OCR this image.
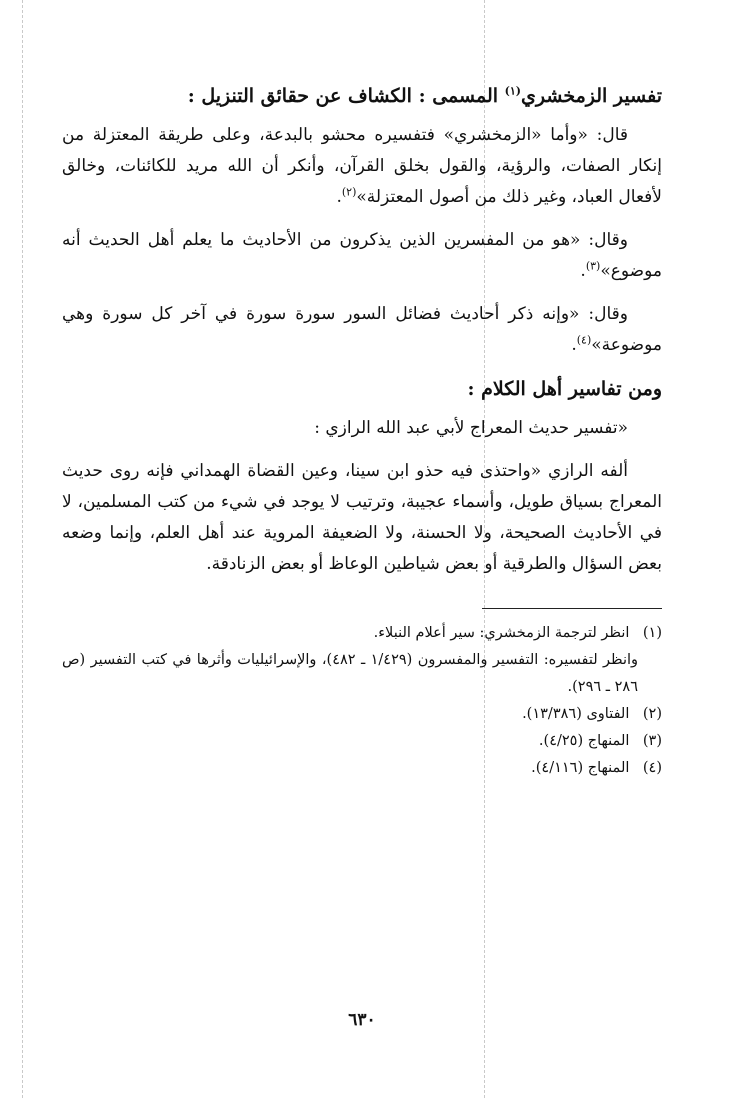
تفسير الزمخشري$^{(١)}$ المسمى : الكشاف عن حقائق التنزيل :

قال: «وأما «الزمخشري» فتفسيره محشو بالبدعة، وعلى طريقة المعتزلة من إنكار الصفات، والرؤية، والقول بخلق القرآن، وأنكر أن الله مريد للكائنات، وخالق لأفعال العباد، وغير ذلك من أصول المعتزلة»$^{(٢)}$.

وقال: «هو من المفسرين الذين يذكرون من الأحاديث ما يعلم أهل الحديث أنه موضوع»$^{(٣)}$.

وقال: «وإنه ذكر أحاديث فضائل السور سورة سورة في آخر كل سورة وهي موضوعة»$^{(٤)}$.

ومن تفاسير أهل الكلام :

«تفسير حديث المعراج لأبي عبد الله الرازي :

ألفه الرازي «واحتذى فيه حذو ابن سينا، وعين القضاة الهمداني فإنه روى حديث المعراج بسياق طويل، وأسماء عجيبة، وترتيب لا يوجد في شيء من كتب المسلمين، لا في الأحاديث الصحيحة، ولا الحسنة، ولا الضعيفة المروية عند أهل العلم، وإنما وضعه بعض السؤال والطرقية أو بعض شياطين الوعاظ أو بعض الزنادقة.

(١) انظر لترجمة الزمخشري: سير أعلام النبلاء.

وانظر لتفسيره: التفسير والمفسرون (١/٤٢٩ ـ ٤٨٢)، والإسرائيليات وأثرها في كتب التفسير (ص ٢٨٦ ـ ٢٩٦).

(٢) الفتاوى (١٣/٣٨٦).

(٣) المنهاج (٤/٢٥).

(٤) المنهاج (٤/١١٦).

٦٣٠
